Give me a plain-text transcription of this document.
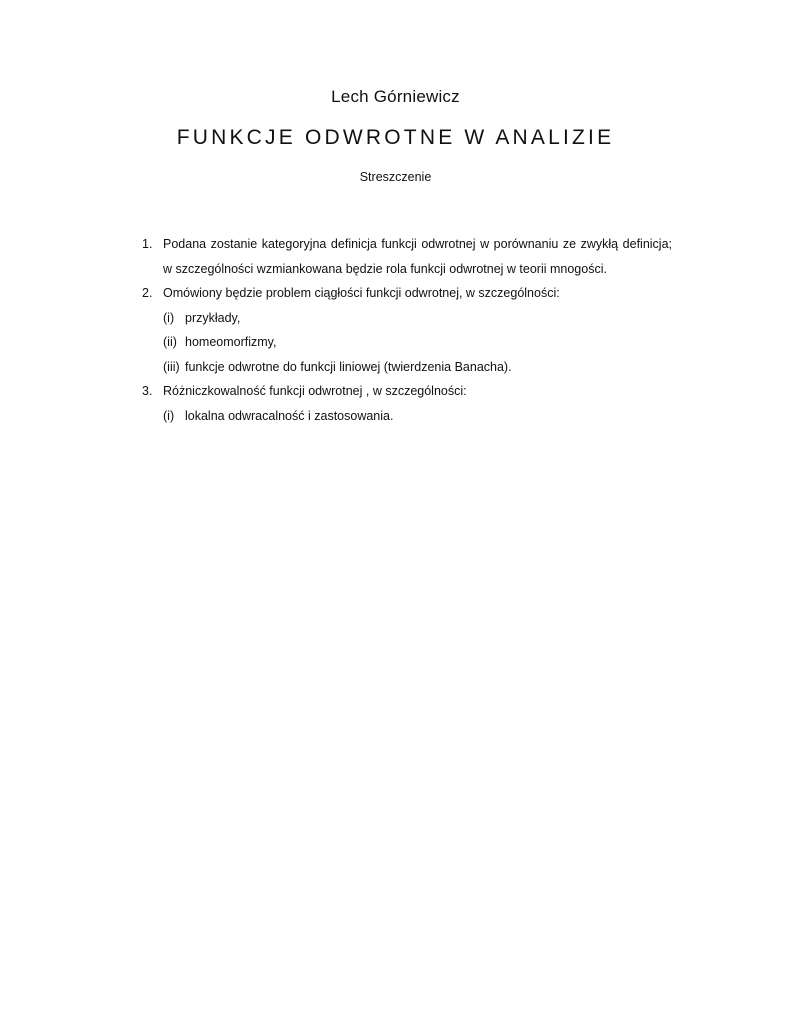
Lech Górniewicz
FUNKCJE ODWROTNE W ANALIZIE
Streszczenie
1. Podana zostanie kategoryjna definicja funkcji odwrotnej w porównaniu ze zwykłą definicja;
w szczególności wzmiankowana będzie rola funkcji odwrotnej w teorii mnogości.
2. Omówiony będzie problem ciągłości funkcji odwrotnej, w szczególności:
(i) przykłady,
(ii) homeomorfizmy,
(iii) funkcje odwrotne do funkcji liniowej (twierdzenia Banacha).
3. Różniczkowalność funkcji odwrotnej , w szczególności:
(i) lokalna odwracalność i zastosowania.
